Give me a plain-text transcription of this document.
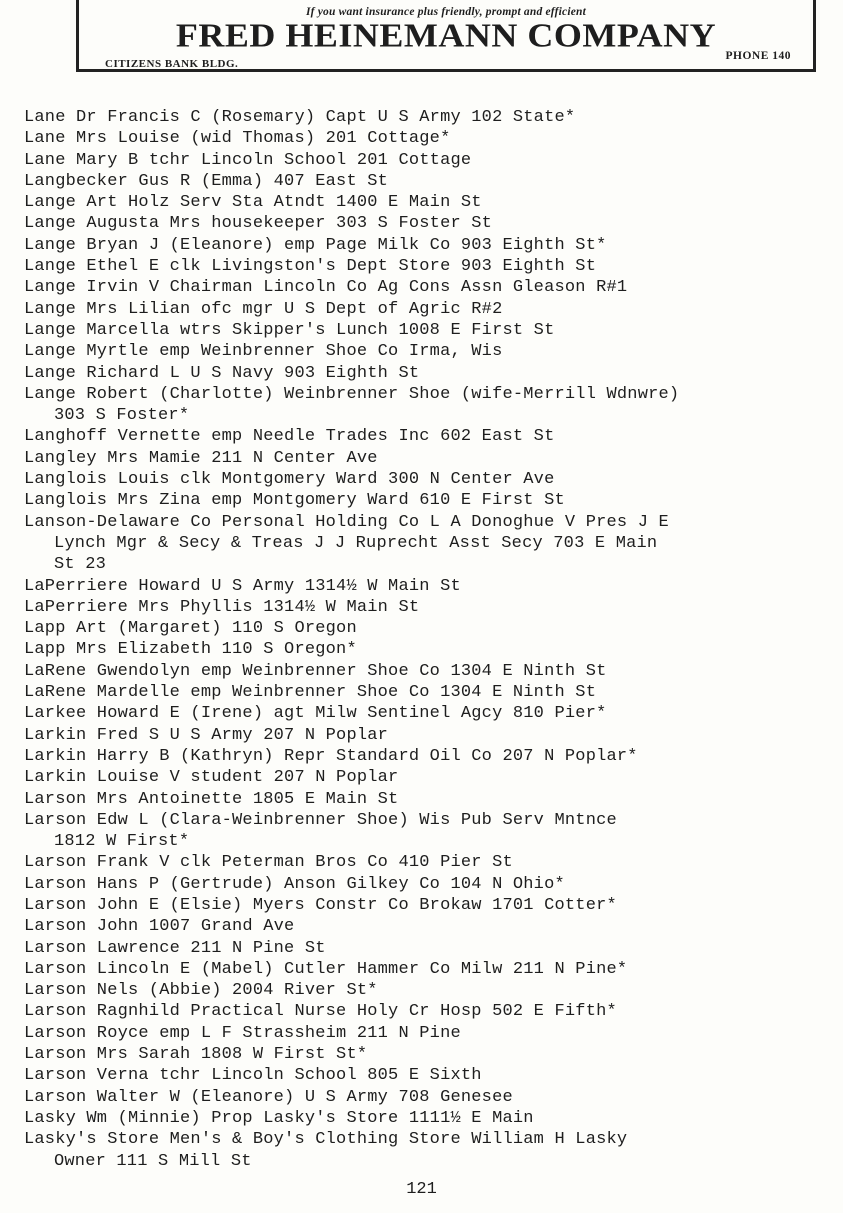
If you want insurance plus friendly, prompt and efficient
FRED HEINEMANN COMPANY
CITIZENS BANK BLDG.
PHONE 140
Lane Dr Francis C (Rosemary) Capt U S Army 102 State*
Lane Mrs Louise (wid Thomas) 201 Cottage*
Lane Mary B tchr Lincoln School 201 Cottage
Langbecker Gus R (Emma) 407 East St
Lange Art Holz Serv Sta Atndt 1400 E Main St
Lange Augusta Mrs housekeeper 303 S Foster St
Lange Bryan J (Eleanore) emp Page Milk Co 903 Eighth St*
Lange Ethel E clk Livingston's Dept Store 903 Eighth St
Lange Irvin V Chairman Lincoln Co Ag Cons Assn Gleason R#1
Lange Mrs Lilian ofc mgr U S Dept of Agric R#2
Lange Marcella wtrs Skipper's Lunch 1008 E First St
Lange Myrtle emp Weinbrenner Shoe Co Irma, Wis
Lange Richard L U S Navy 903 Eighth St
Lange Robert (Charlotte) Weinbrenner Shoe (wife-Merrill Wdnwre)
303 S Foster*
Langhoff Vernette emp Needle Trades Inc 602 East St
Langley Mrs Mamie 211 N Center Ave
Langlois Louis clk Montgomery Ward 300 N Center Ave
Langlois Mrs Zina emp Montgomery Ward 610 E First St
Lanson-Delaware Co Personal Holding Co L A Donoghue V Pres J E
Lynch Mgr & Secy & Treas J J Ruprecht Asst Secy 703 E Main
St 23
LaPerriere Howard U S Army 1314½ W Main St
LaPerriere Mrs Phyllis 1314½ W Main St
Lapp Art (Margaret) 110 S Oregon
Lapp Mrs Elizabeth 110 S Oregon*
LaRene Gwendolyn emp Weinbrenner Shoe Co 1304 E Ninth St
LaRene Mardelle emp Weinbrenner Shoe Co 1304 E Ninth St
Larkee Howard E (Irene) agt Milw Sentinel Agcy 810 Pier*
Larkin Fred S U S Army 207 N Poplar
Larkin Harry B (Kathryn) Repr Standard Oil Co 207 N Poplar*
Larkin Louise V student 207 N Poplar
Larson Mrs Antoinette 1805 E Main St
Larson Edw L (Clara-Weinbrenner Shoe) Wis Pub Serv Mntnce
1812 W First*
Larson Frank V clk Peterman Bros Co 410 Pier St
Larson Hans P (Gertrude) Anson Gilkey Co 104 N Ohio*
Larson John E (Elsie) Myers Constr Co Brokaw 1701 Cotter*
Larson John 1007 Grand Ave
Larson Lawrence 211 N Pine St
Larson Lincoln E (Mabel) Cutler Hammer Co Milw 211 N Pine*
Larson Nels (Abbie) 2004 River St*
Larson Ragnhild Practical Nurse Holy Cr Hosp 502 E Fifth*
Larson Royce emp L F Strassheim 211 N Pine
Larson Mrs Sarah 1808 W First St*
Larson Verna tchr Lincoln School 805 E Sixth
Larson Walter W (Eleanore) U S Army 708 Genesee
Lasky Wm (Minnie) Prop Lasky's Store 1111½ E Main
Lasky's Store Men's & Boy's Clothing Store William H Lasky
Owner 111 S Mill St
121
